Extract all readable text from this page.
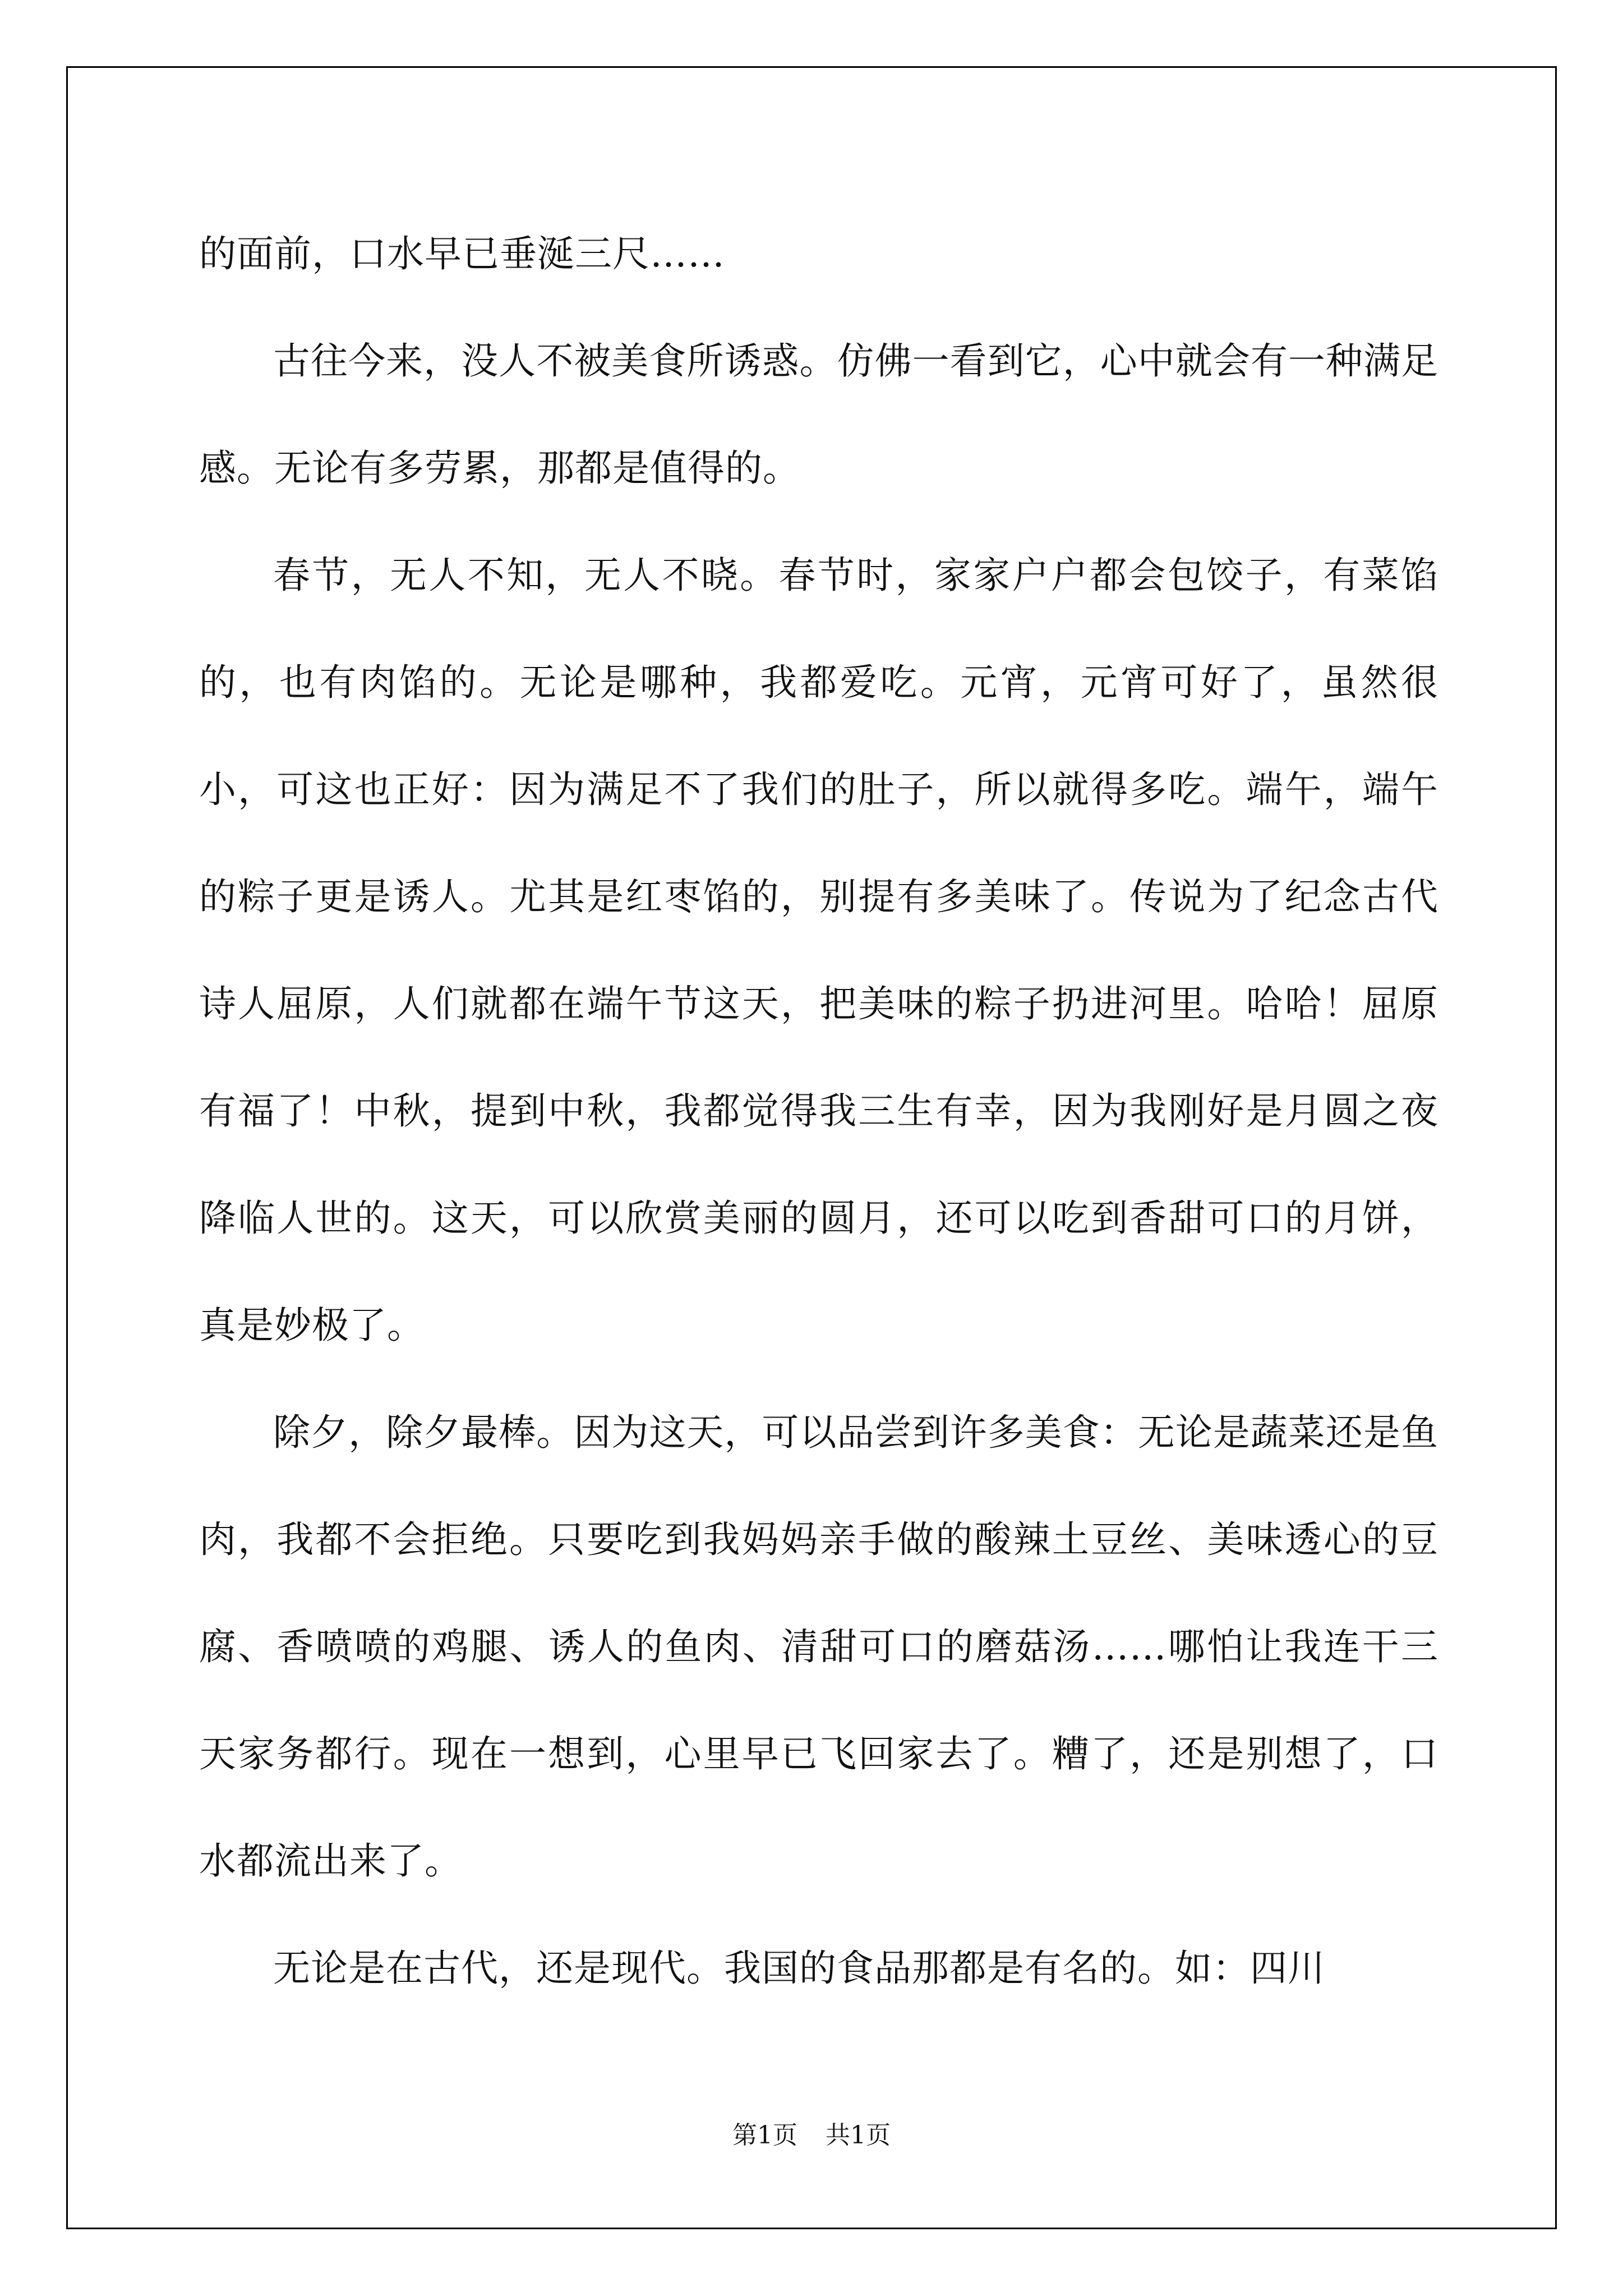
的面前，口水早已垂涎三尺……

古往今来，没人不被美食所诱惑。仿佛一看到它，心中就会有一种满足感。无论有多劳累，那都是值得的。

春节，无人不知，无人不晓。春节时，家家户户都会包饺子，有菜馅的，也有肉馅的。无论是哪种，我都爱吃。元宵，元宵可好了，虽然很小，可这也正好：因为满足不了我们的肚子，所以就得多吃。端午，端午的粽子更是诱人。尤其是红枣馅的，别提有多美味了。传说为了纪念古代诗人屈原，人们就都在端午节这天，把美味的粽子扔进河里。哈哈！屈原有福了！中秋，提到中秋，我都觉得我三生有幸，因为我刚好是月圆之夜降临人世的。这天，可以欣赏美丽的圆月，还可以吃到香甜可口的月饼，真是妙极了。

除夕，除夕最棒。因为这天，可以品尝到许多美食：无论是蔬菜还是鱼肉，我都不会拒绝。只要吃到我妈妈亲手做的酸辣土豆丝、美味透心的豆腐、香喷喷的鸡腿、诱人的鱼肉、清甜可口的磨菇汤……哪怕让我连干三天家务都行。现在一想到，心里早已飞回家去了。糟了，还是别想了，口水都流出来了。

无论是在古代，还是现代。我国的食品那都是有名的。如：四川

第1页 共1页
